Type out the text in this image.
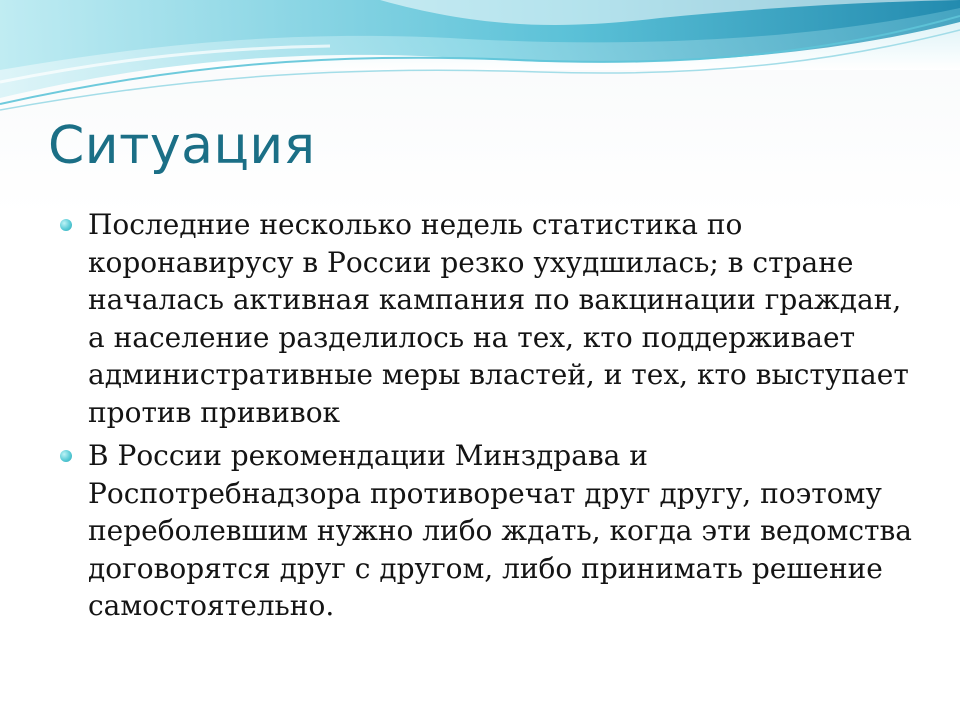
Ситуация
Последние несколько недель статистика по коронавирусу в России резко ухудшилась; в стране началась активная кампания по вакцинации граждан, а население разделилось на тех, кто поддерживает административные меры властей, и тех, кто выступает против прививок
В России рекомендации Минздрава и Роспотребнадзора противоречат друг другу, поэтому переболевшим нужно либо ждать, когда эти ведомства договорятся друг с другом, либо принимать решение самостоятельно.
